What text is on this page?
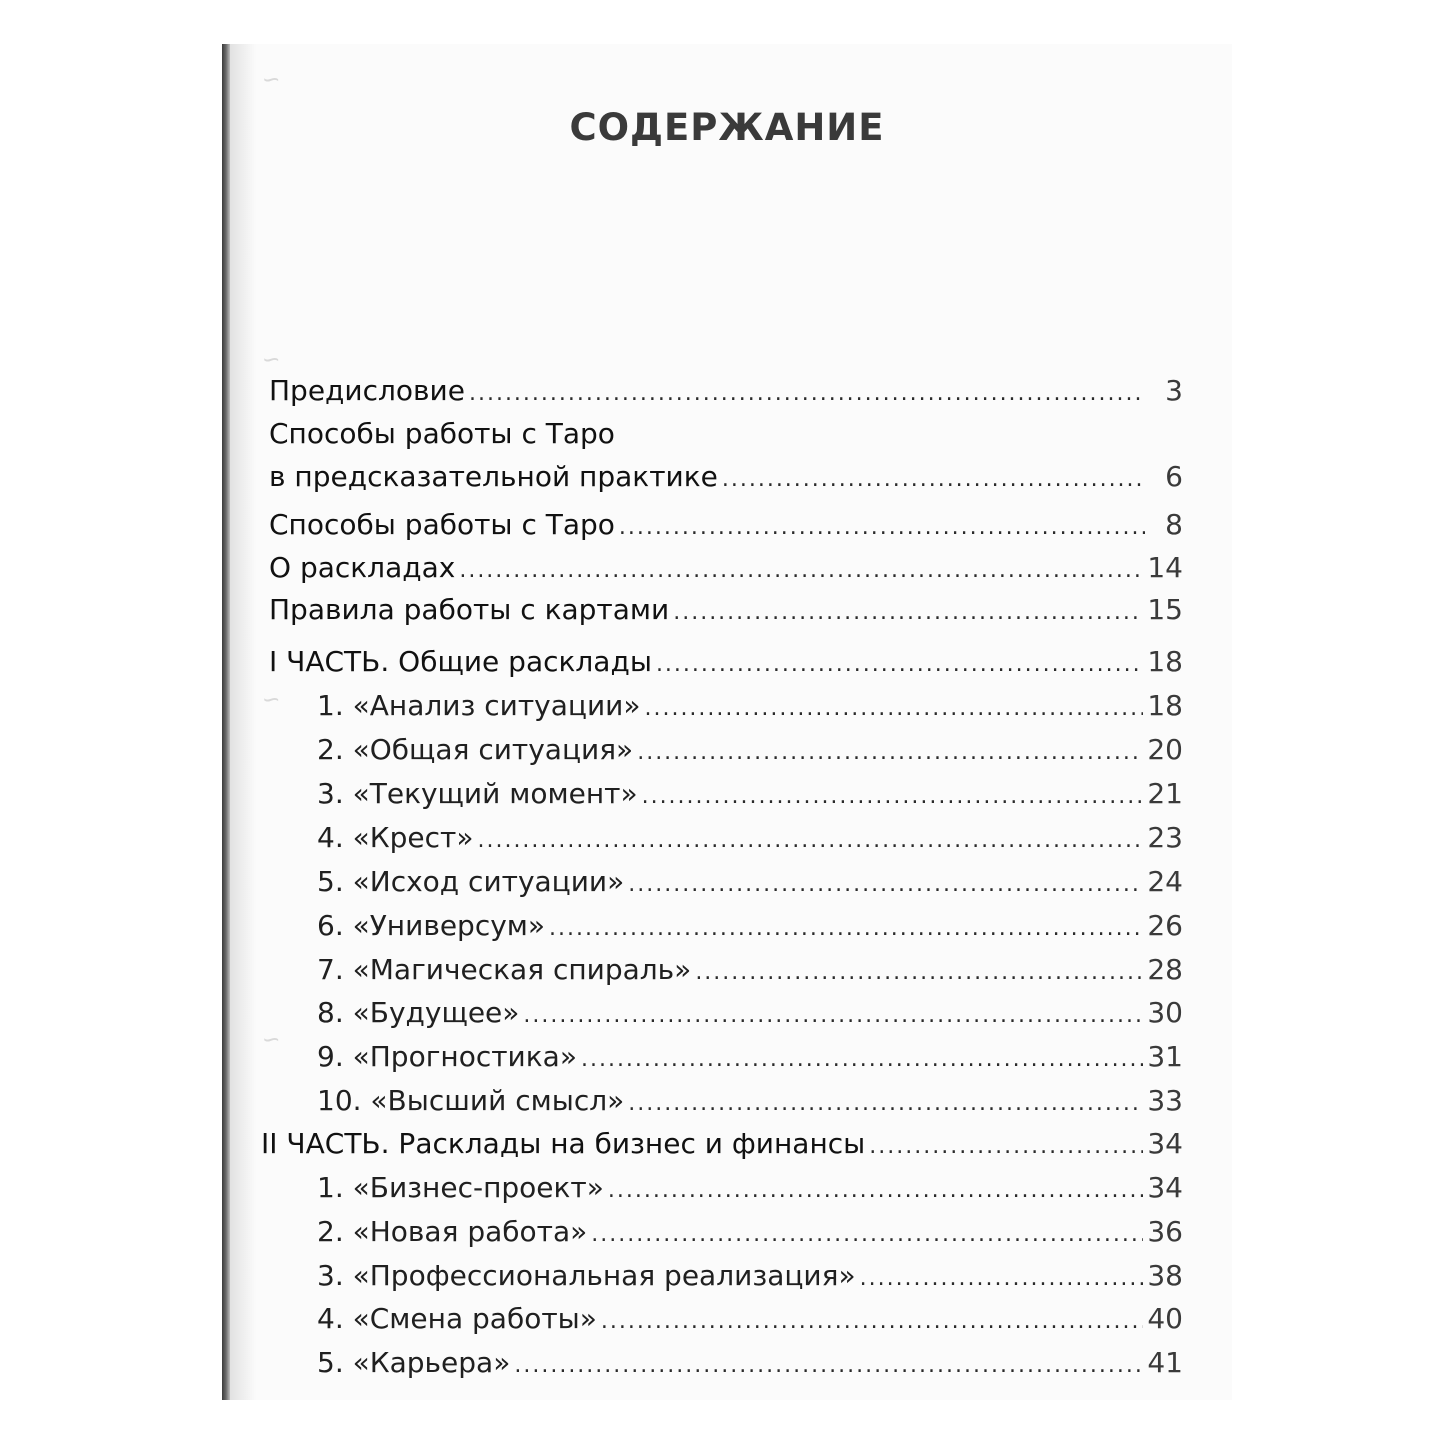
~
~
~
~
СОДЕРЖАНИЕ
Предисловие .....	3
Способы работы с Таро
в предсказательной практике .....	6
Способы работы с Таро .....	8
О раскладах .....	14
Правила работы с картами .....	15
I ЧАСТЬ. Общие расклады .....	18
1. «Анализ ситуации» .....	18
2. «Общая ситуация» .....	20
3. «Текущий момент» .....	21
4. «Крест» .....	23
5. «Исход ситуации» .....	24
6. «Универсум» .....	26
7. «Магическая спираль» .....	28
8. «Будущее» .....	30
9. «Прогностика» .....	31
10. «Высший смысл» .....	33
II ЧАСТЬ. Расклады на бизнес и финансы .....	34
1. «Бизнес-проект» .....	34
2. «Новая работа» .....	36
3. «Профессиональная реализация» .....	38
4. «Смена работы» .....	40
5. «Карьера» .....	41
